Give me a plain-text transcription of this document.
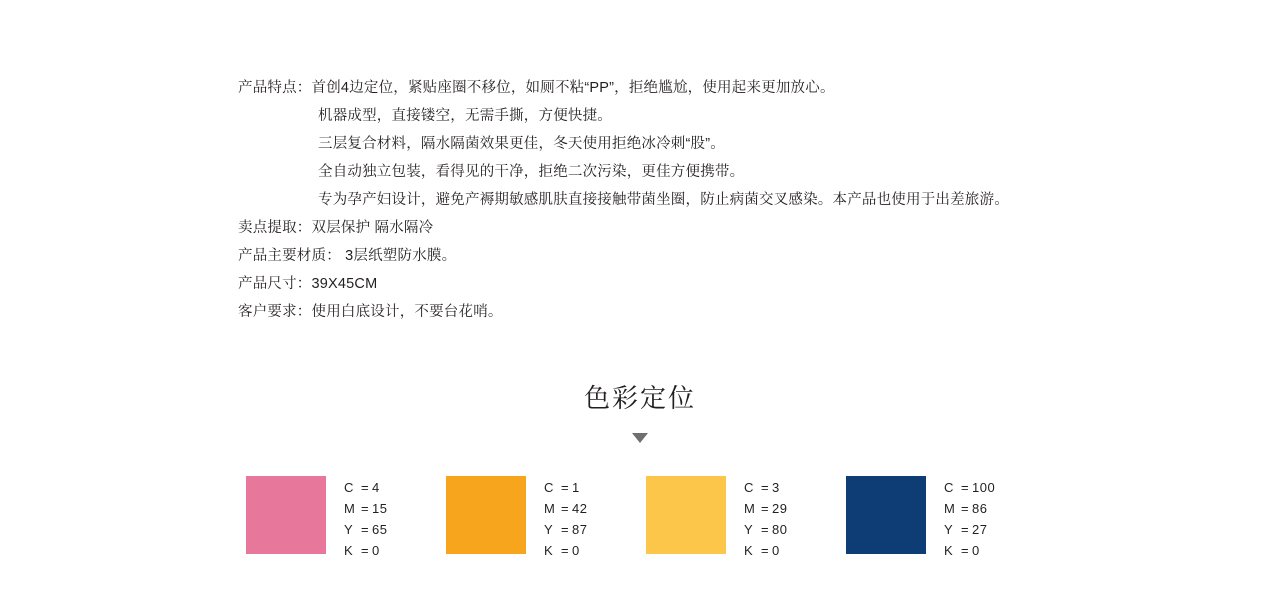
产品特点：首创4边定位，紧贴座圈不移位，如厕不粘“PP”，拒绝尴尬，使用起来更加放心。
机器成型，直接镂空，无需手撕，方便快捷。
三层复合材料，隔水隔菌效果更佳，冬天使用拒绝冰冷刺“股”。
全自动独立包装，看得见的干净，拒绝二次污染，更佳方便携带。
专为孕产妇设计，避免产褥期敏感肌肤直接接触带菌坐圈，防止病菌交叉感染。本产品也使用于出差旅游。
卖点提取：双层保护 隔水隔冷
产品主要材质： 3层纸塑防水膜。
产品尺寸：39X45CM
客户要求：使用白底设计，不要台花哨。
色彩定位
C = 4
M = 15
Y = 65
K = 0
C = 1
M = 42
Y = 87
K = 0
C = 3
M = 29
Y = 80
K = 0
C = 100
M = 86
Y = 27
K = 0
